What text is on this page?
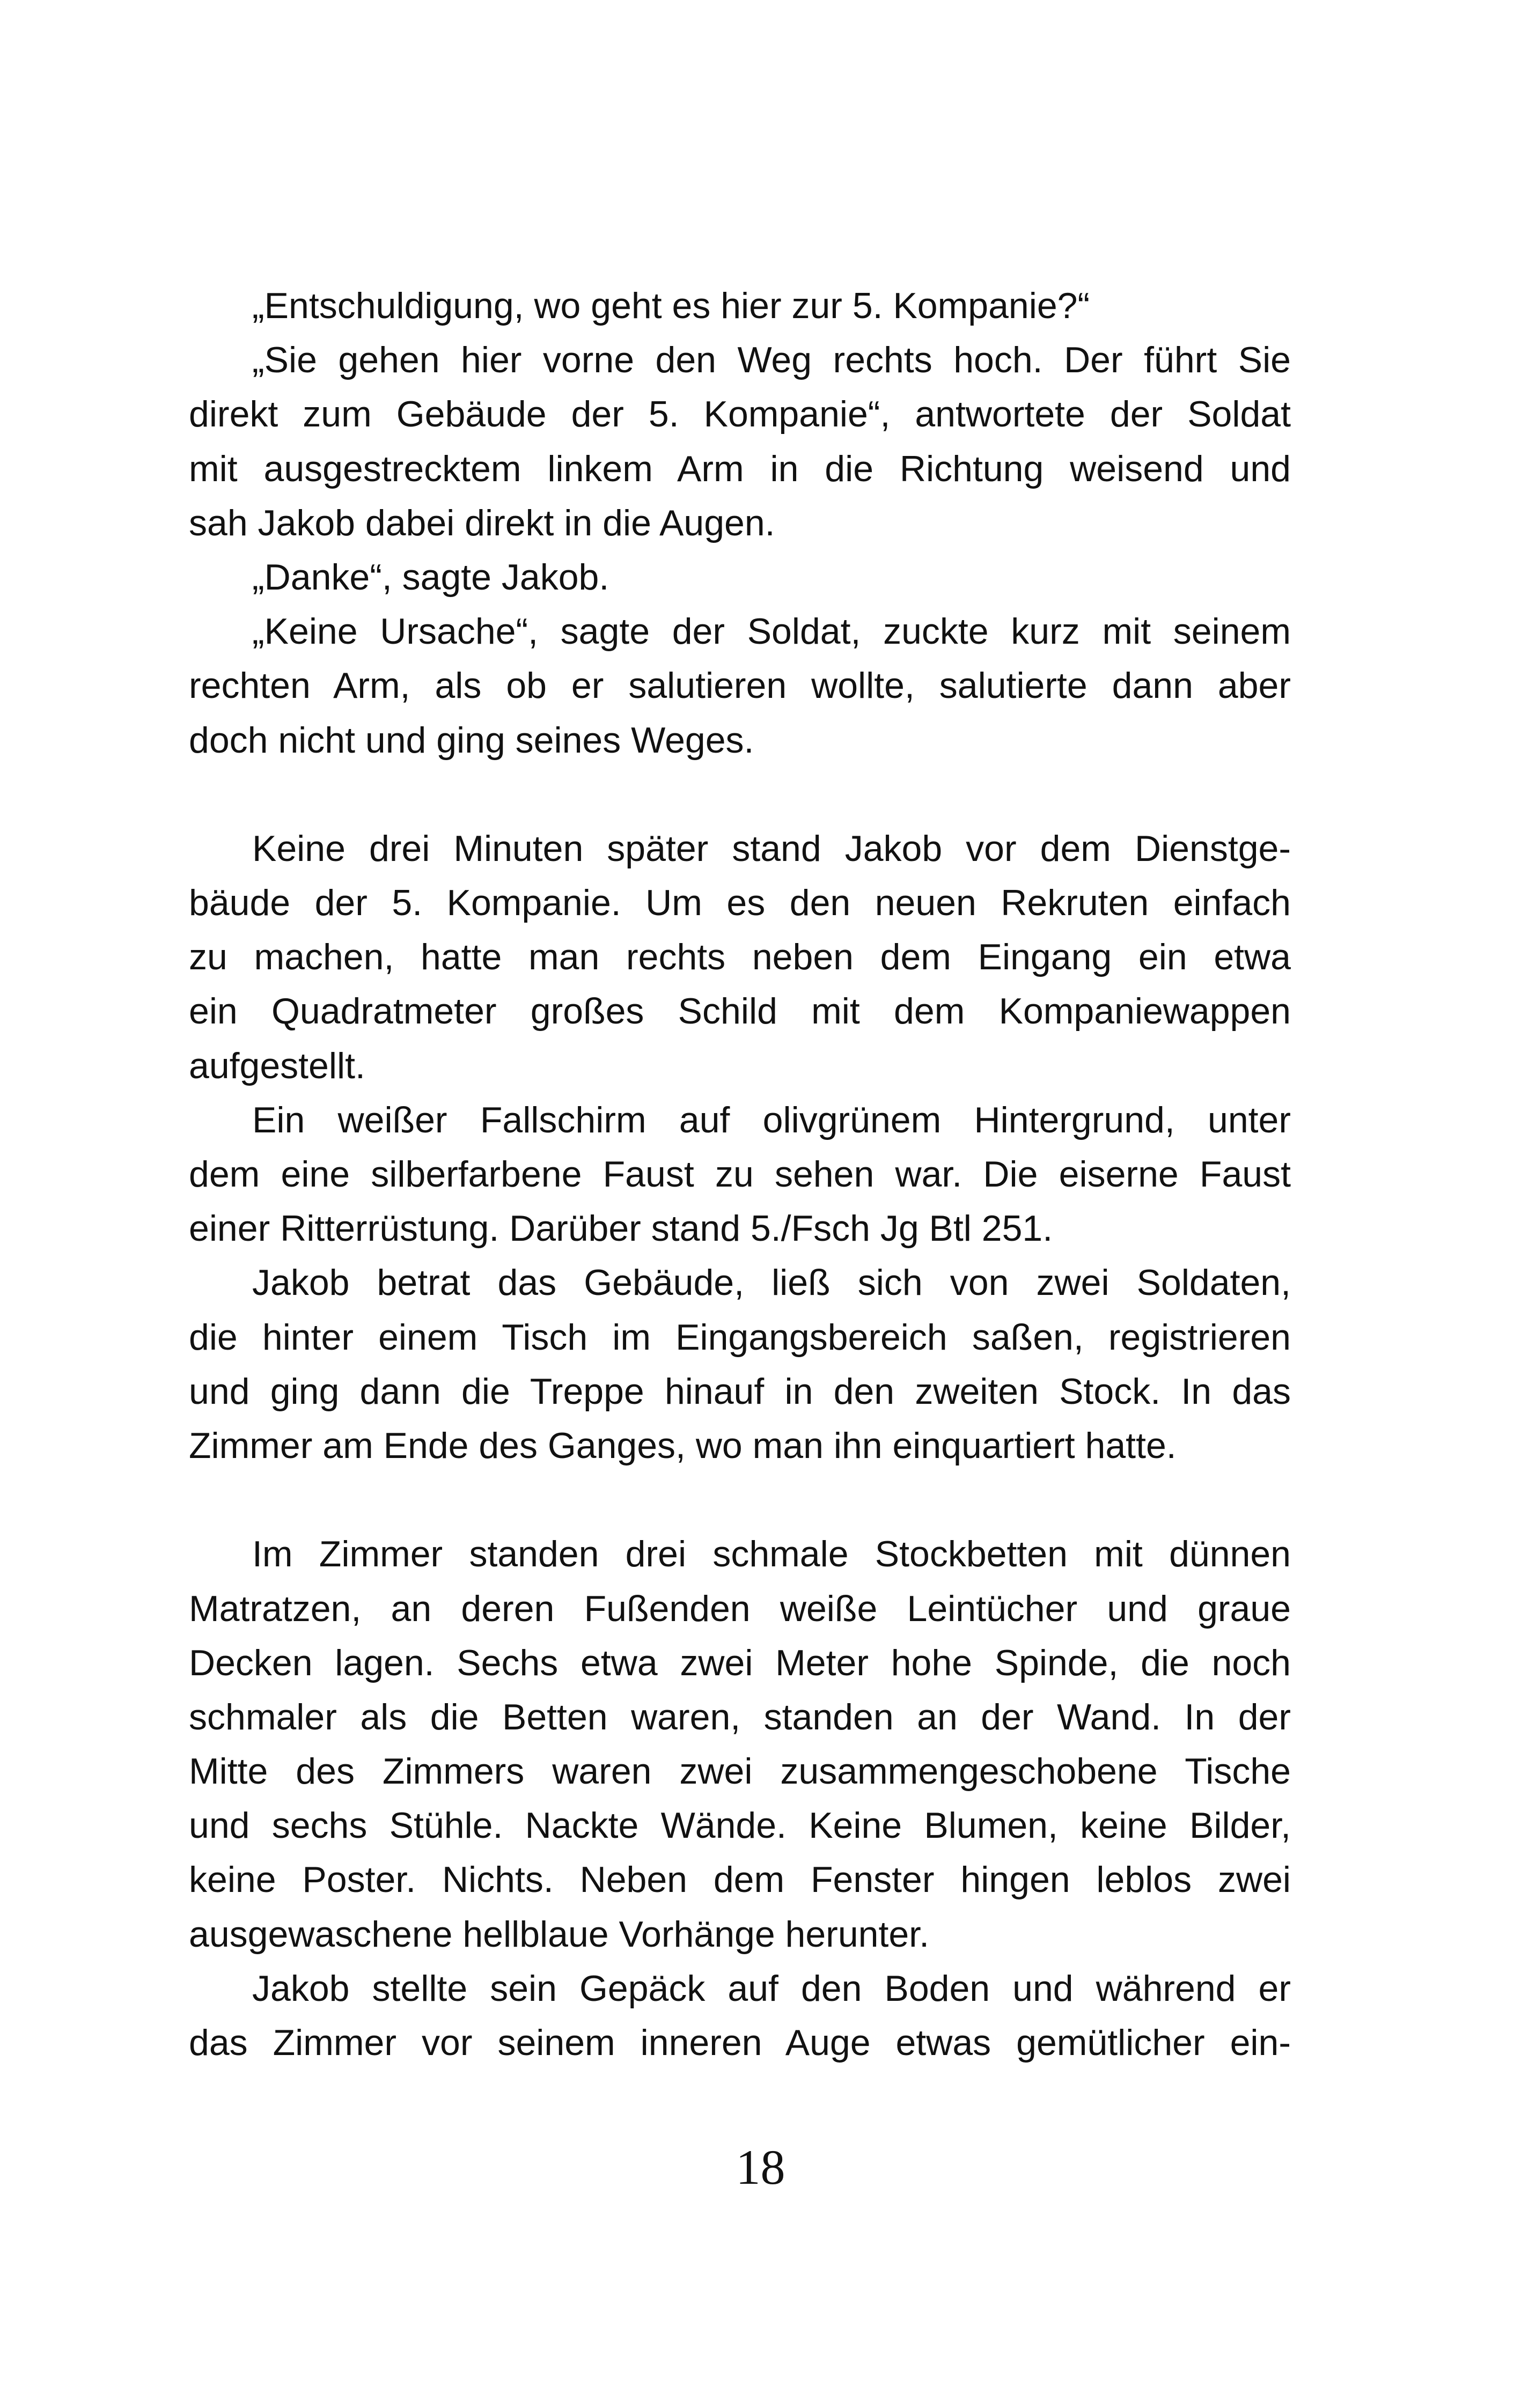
„Entschuldigung, wo geht es hier zur 5. Kompanie?“
„Sie gehen hier vorne den Weg rechts hoch. Der führt Sie
direkt zum Gebäude der 5. Kompanie“, antwortete der Soldat
mit ausgestrecktem linkem Arm in die Richtung weisend und
sah Jakob dabei direkt in die Augen.
„Danke“, sagte Jakob.
„Keine Ursache“, sagte der Soldat, zuckte kurz mit seinem
rechten Arm, als ob er salutieren wollte, salutierte dann aber
doch nicht und ging seines Weges.
Keine drei Minuten später stand Jakob vor dem Dienstge-
bäude der 5. Kompanie. Um es den neuen Rekruten einfach
zu machen, hatte man rechts neben dem Eingang ein etwa
ein Quadratmeter großes Schild mit dem Kompaniewappen
aufgestellt.
Ein weißer Fallschirm auf olivgrünem Hintergrund, unter
dem eine silberfarbene Faust zu sehen war. Die eiserne Faust
einer Ritterrüstung. Darüber stand 5./Fsch Jg Btl 251.
Jakob betrat das Gebäude, ließ sich von zwei Soldaten,
die hinter einem Tisch im Eingangsbereich saßen, registrieren
und ging dann die Treppe hinauf in den zweiten Stock. In das
Zimmer am Ende des Ganges, wo man ihn einquartiert hatte.
Im Zimmer standen drei schmale Stockbetten mit dünnen
Matratzen, an deren Fußenden weiße Leintücher und graue
Decken lagen. Sechs etwa zwei Meter hohe Spinde, die noch
schmaler als die Betten waren, standen an der Wand. In der
Mitte des Zimmers waren zwei zusammengeschobene Tische
und sechs Stühle. Nackte Wände. Keine Blumen, keine Bilder,
keine Poster. Nichts. Neben dem Fenster hingen leblos zwei
ausgewaschene hellblaue Vorhänge herunter.
Jakob stellte sein Gepäck auf den Boden und während er
das Zimmer vor seinem inneren Auge etwas gemütlicher ein-
18
